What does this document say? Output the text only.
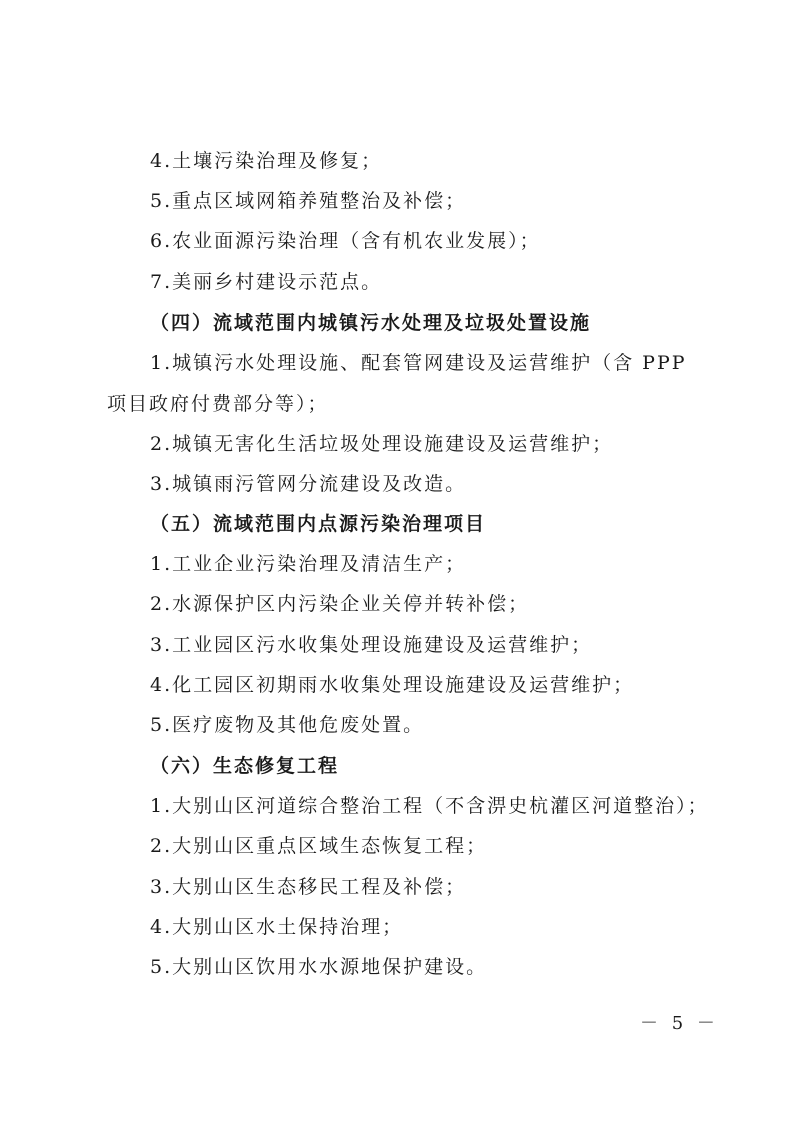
4.土壤污染治理及修复；
5.重点区域网箱养殖整治及补偿；
6.农业面源污染治理（含有机农业发展）；
7.美丽乡村建设示范点。
（四）流域范围内城镇污水处理及垃圾处置设施
1.城镇污水处理设施、配套管网建设及运营维护（含 PPP
项目政府付费部分等）；
2.城镇无害化生活垃圾处理设施建设及运营维护；
3.城镇雨污管网分流建设及改造。
（五）流域范围内点源污染治理项目
1.工业企业污染治理及清洁生产；
2.水源保护区内污染企业关停并转补偿；
3.工业园区污水收集处理设施建设及运营维护；
4.化工园区初期雨水收集处理设施建设及运营维护；
5.医疗废物及其他危废处置。
（六）生态修复工程
1.大别山区河道综合整治工程（不含淠史杭灌区河道整治）；
2.大别山区重点区域生态恢复工程；
3.大别山区生态移民工程及补偿；
4.大别山区水土保持治理；
5.大别山区饮用水水源地保护建设。
－ 5 －
